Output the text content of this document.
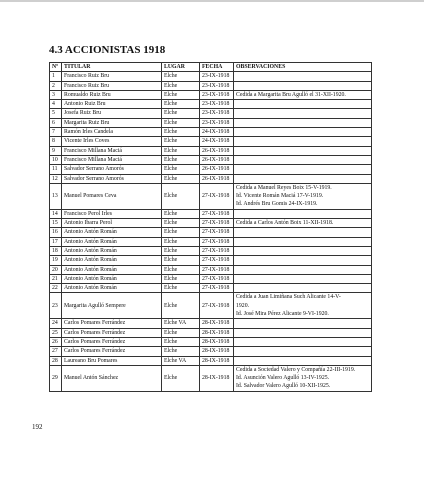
4.3 ACCIONISTAS 1918
Nº	TITULAR	LUGAR	FECHA	OBSERVACIONES
1	Francisco Ruiz Bru	Elche	23-IX-1918	
2	Francisco Ruiz Bru	Elche	23-IX-1918	
3	Romualdo Ruiz Bru	Elche	23-IX-1918	Cedida a Margarita Bru Agulló el 31-XII-1920.

4	Antonio Ruiz Bru	Elche	23-IX-1918	
5	Josefa Ruiz Bru	Elche	23-IX-1918	
6	Margarita Ruiz Bru	Elche	23-IX-1918	
7	Ramón Irles Candela	Elche	24-IX-1918	
8	Vicente Irles Coves	Elche	24-IX-1918	
9	Francisco Millana Maciá	Elche	26-IX-1918	
10	Francisco Millana Maciá	Elche	26-IX-1918	
11	Salvador Serrano Amorós	Elche	26-IX-1918	
12	Salvador Serrano Amorós	Elche	26-IX-1918	
13	Manuel Pomares Ceva	Elche	27-IX-1918	Cedida a Manuel Reyes Boix 15-V-1919.
Id. Vicente Román Maciá 17-V-1919.
Id. Andrés Bru Gomis 24-IX-1919.

14	Francisco Perol Irles	Elche	27-IX-1918	
15	Antonio Ibarra Perol	Elche	27-IX-1918	Cedida a Carlos Antón Boix 11-XII-1918.

16	Antonio Antón Román	Elche	27-IX-1918	
17	Antonio Antón Román	Elche	27-IX-1918	
18	Antonio Antón Román	Elche	27-IX-1918	
19	Antonio Antón Román	Elche	27-IX-1918	
20	Antonio Antón Román	Elche	27-IX-1918	
21	Antonio Antón Román	Elche	27-IX-1918	
22	Antonio Antón Román	Elche	27-IX-1918	
23	Margarita Agulló Sempere	Elche	27-IX-1918	Cedida a Juan Limiñana Such Alicante 14-V-
1920.
Id. José Mira Pérez Alicante 9-VI-1920.

24	Carlos Pomares Ferrández	Elche VA	28-IX-1918	
25	Carlos Pomares Ferrández	Elche	28-IX-1918	
26	Carlos Pomares Ferrández	Elche	28-IX-1918	
27	Carlos Pomares Ferrández	Elche	28-IX-1918	
28	Laureano Bru Pomares	Elche VA	28-IX-1918	
29	Manuel Antón Sánchez	Elche	28-IX-1918	Cedida a Sociedad Valero y Compañía 22-III-1919.
Id. Asunción Valero Agulló 13-IV-1925.
Id. Salvador Valero Agulló 10-XII-1925.
192
